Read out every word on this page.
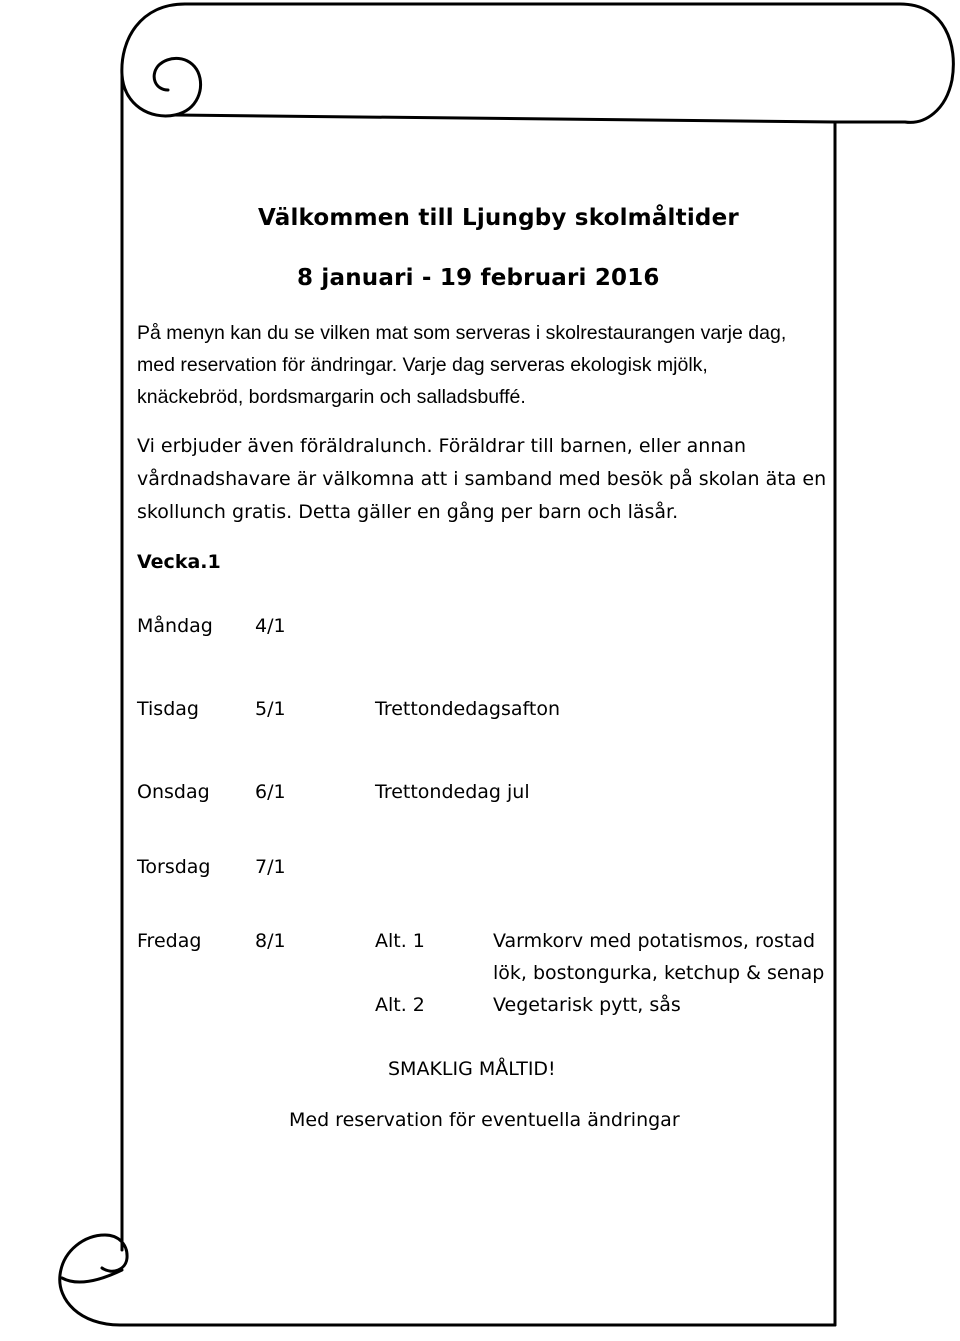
Välkommen till Ljungby skolmåltider
8 januari - 19 februari 2016
På menyn kan du se vilken mat som serveras i skolrestaurangen varje dag,
med reservation för ändringar. Varje dag serveras ekologisk mjölk,
knäckebröd, bordsmargarin och salladsbuffé.
Vi erbjuder även föräldralunch. Föräldrar till barnen, eller annan
vårdnadshavare är välkomna att i samband med besök på skolan äta en
skollunch gratis. Detta gäller en gång per barn och läsår.
Vecka.1
Måndag 4/1
Tisdag	5/1	Trettondedagsafton
Onsdag 6/1	Trettondedag jul
Torsdag 7/1
Fredag	8/1	Alt. 1	Varmkorv med potatismos, rostad
lök, bostongurka, ketchup & senap
Alt. 2	Vegetarisk pytt, sås
SMAKLIG MÅLTID!
Med reservation för eventuella ändringar
